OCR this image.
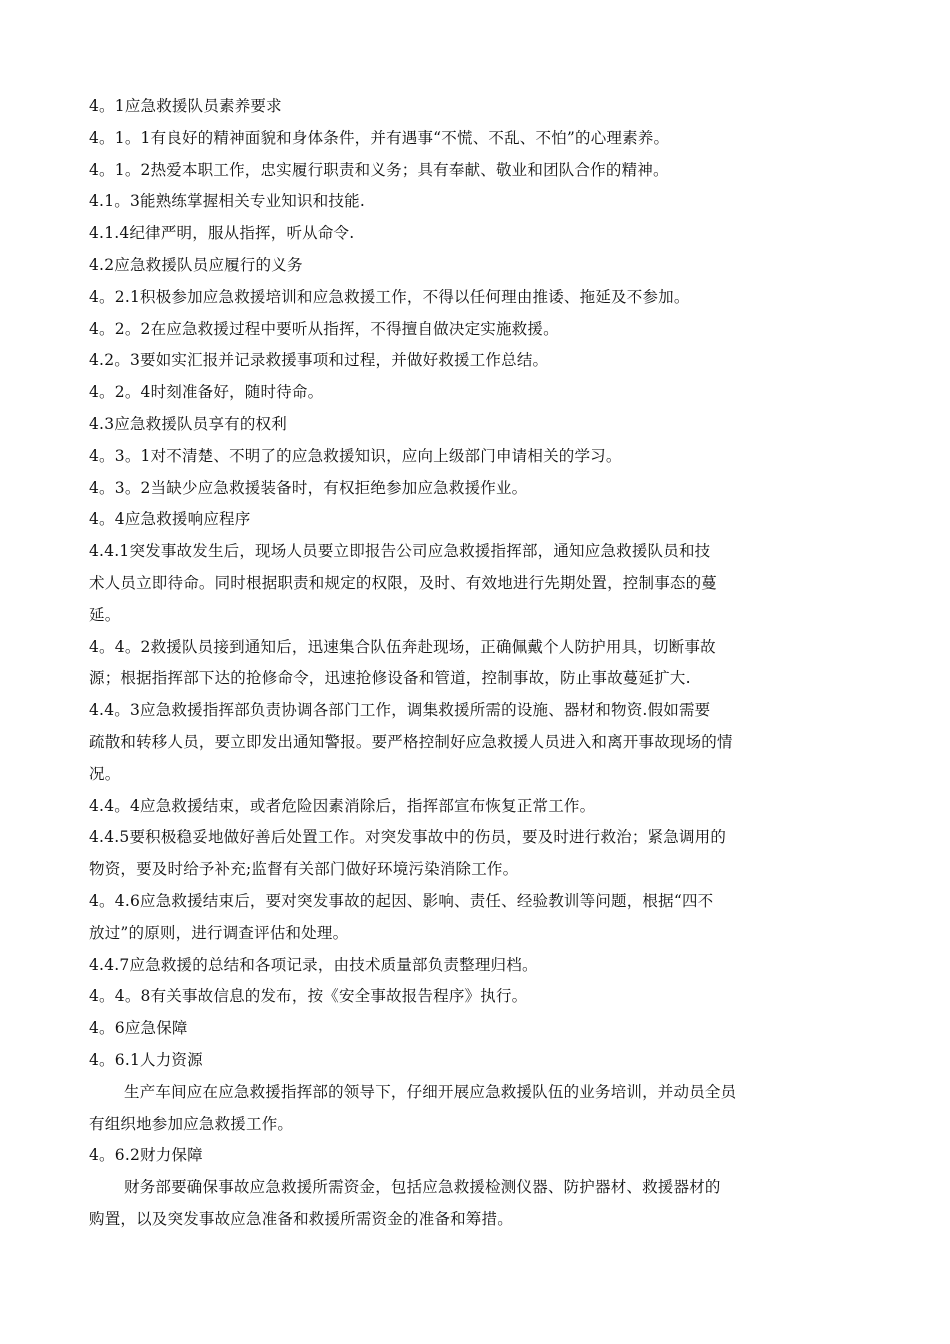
4。1应急救援队员素养要求
4。1。1有良好的精神面貌和身体条件，并有遇事“不慌、不乱、不怕”的心理素养。
4。1。2热爱本职工作，忠实履行职责和义务；具有奉献、敬业和团队合作的精神。
4.1。3能熟练掌握相关专业知识和技能.
4.1.4纪律严明，服从指挥，听从命令.
4.2应急救援队员应履行的义务
4。2.1积极参加应急救援培训和应急救援工作，不得以任何理由推诿、拖延及不参加。
4。2。2在应急救援过程中要听从指挥，不得擅自做决定实施救援。
4.2。3要如实汇报并记录救援事项和过程，并做好救援工作总结。
4。2。4时刻准备好，随时待命。
4.3应急救援队员享有的权利
4。3。1对不清楚、不明了的应急救援知识，应向上级部门申请相关的学习。
4。3。2当缺少应急救援装备时，有权拒绝参加应急救援作业。
4。4应急救援响应程序
4.4.1突发事故发生后，现场人员要立即报告公司应急救援指挥部，通知应急救援队员和技
术人员立即待命。同时根据职责和规定的权限，及时、有效地进行先期处置，控制事态的蔓
延。
4。4。2救援队员接到通知后，迅速集合队伍奔赴现场，正确佩戴个人防护用具，切断事故
源；根据指挥部下达的抢修命令，迅速抢修设备和管道，控制事故，防止事故蔓延扩大.
4.4。3应急救援指挥部负责协调各部门工作，调集救援所需的设施、器材和物资.假如需要
疏散和转移人员，要立即发出通知警报。要严格控制好应急救援人员进入和离开事故现场的情
况。
4.4。4应急救援结束，或者危险因素消除后，指挥部宣布恢复正常工作。
4.4.5要积极稳妥地做好善后处置工作。对突发事故中的伤员，要及时进行救治；紧急调用的
物资，要及时给予补充;监督有关部门做好环境污染消除工作。
4。4.6应急救援结束后，要对突发事故的起因、影响、责任、经验教训等问题，根据“四不
放过”的原则，进行调查评估和处理。
4.4.7应急救援的总结和各项记录，由技术质量部负责整理归档。
4。4。8有关事故信息的发布，按《安全事故报告程序》执行。
4。6应急保障
4。6.1人力资源
生产车间应在应急救援指挥部的领导下，仔细开展应急救援队伍的业务培训，并动员全员
有组织地参加应急救援工作。
4。6.2财力保障
财务部要确保事故应急救援所需资金，包括应急救援检测仪器、防护器材、救援器材的
购置，以及突发事故应急准备和救援所需资金的准备和筹措。
